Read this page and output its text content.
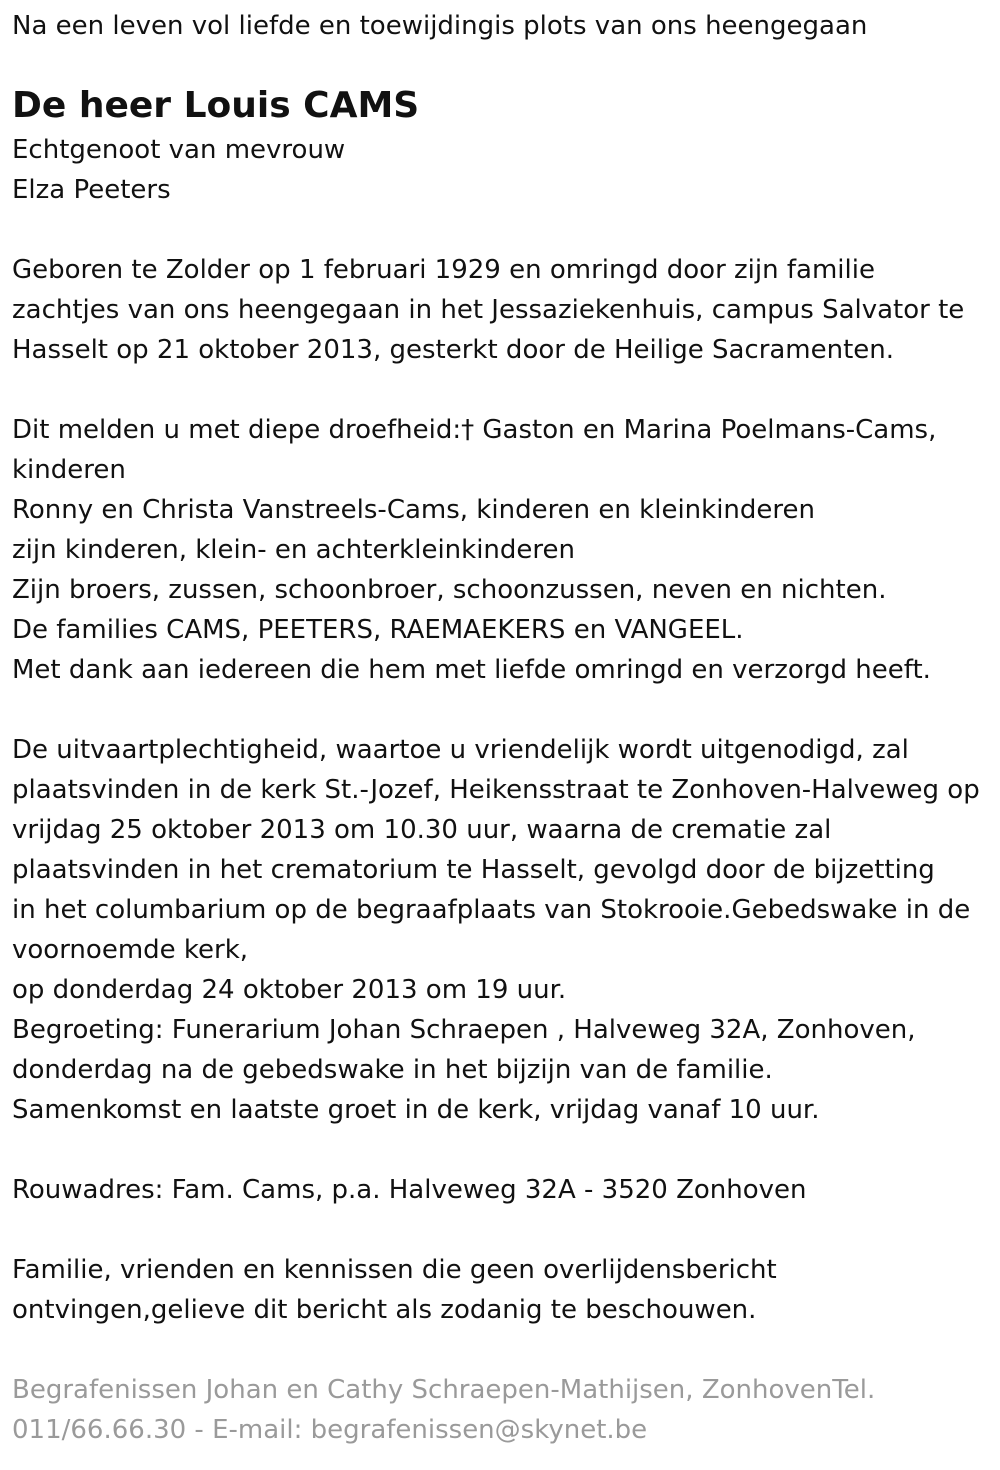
Na een leven vol liefde en toewijdingis plots van ons heengegaan
De heer Louis CAMS
Echtgenoot van mevrouw
Elza Peeters
Geboren te Zolder op 1 februari 1929 en omringd door zijn familie
zachtjes van ons heengegaan in het Jessaziekenhuis, campus Salvator te
Hasselt op 21 oktober 2013, gesterkt door de Heilige Sacramenten.
Dit melden u met diepe droefheid:† Gaston en Marina Poelmans-Cams,
kinderen
Ronny en Christa Vanstreels-Cams, kinderen en kleinkinderen
zijn kinderen, klein- en achterkleinkinderen
Zijn broers, zussen, schoonbroer, schoonzussen, neven en nichten.
De families CAMS, PEETERS, RAEMAEKERS en VANGEEL.
Met dank aan iedereen die hem met liefde omringd en verzorgd heeft.
De uitvaartplechtigheid, waartoe u vriendelijk wordt uitgenodigd, zal
plaatsvinden in de kerk St.-Jozef, Heikensstraat te Zonhoven-Halveweg op
vrijdag 25 oktober 2013 om 10.30 uur, waarna de crematie zal
plaatsvinden in het crematorium te Hasselt, gevolgd door de bijzetting
in het columbarium op de begraafplaats van Stokrooie.Gebedswake in de
voornoemde kerk,
op donderdag 24 oktober 2013 om 19 uur.
Begroeting: Funerarium Johan Schraepen , Halveweg 32A, Zonhoven,
donderdag na de gebedswake in het bijzijn van de familie.
Samenkomst en laatste groet in de kerk, vrijdag vanaf 10 uur.
Rouwadres: Fam. Cams, p.a. Halveweg 32A - 3520 Zonhoven
Familie, vrienden en kennissen die geen overlijdensbericht
ontvingen,gelieve dit bericht als zodanig te beschouwen.
Begrafenissen Johan en Cathy Schraepen-Mathijsen, ZonhovenTel.
011/66.66.30 - E-mail: begrafenissen@skynet.be
